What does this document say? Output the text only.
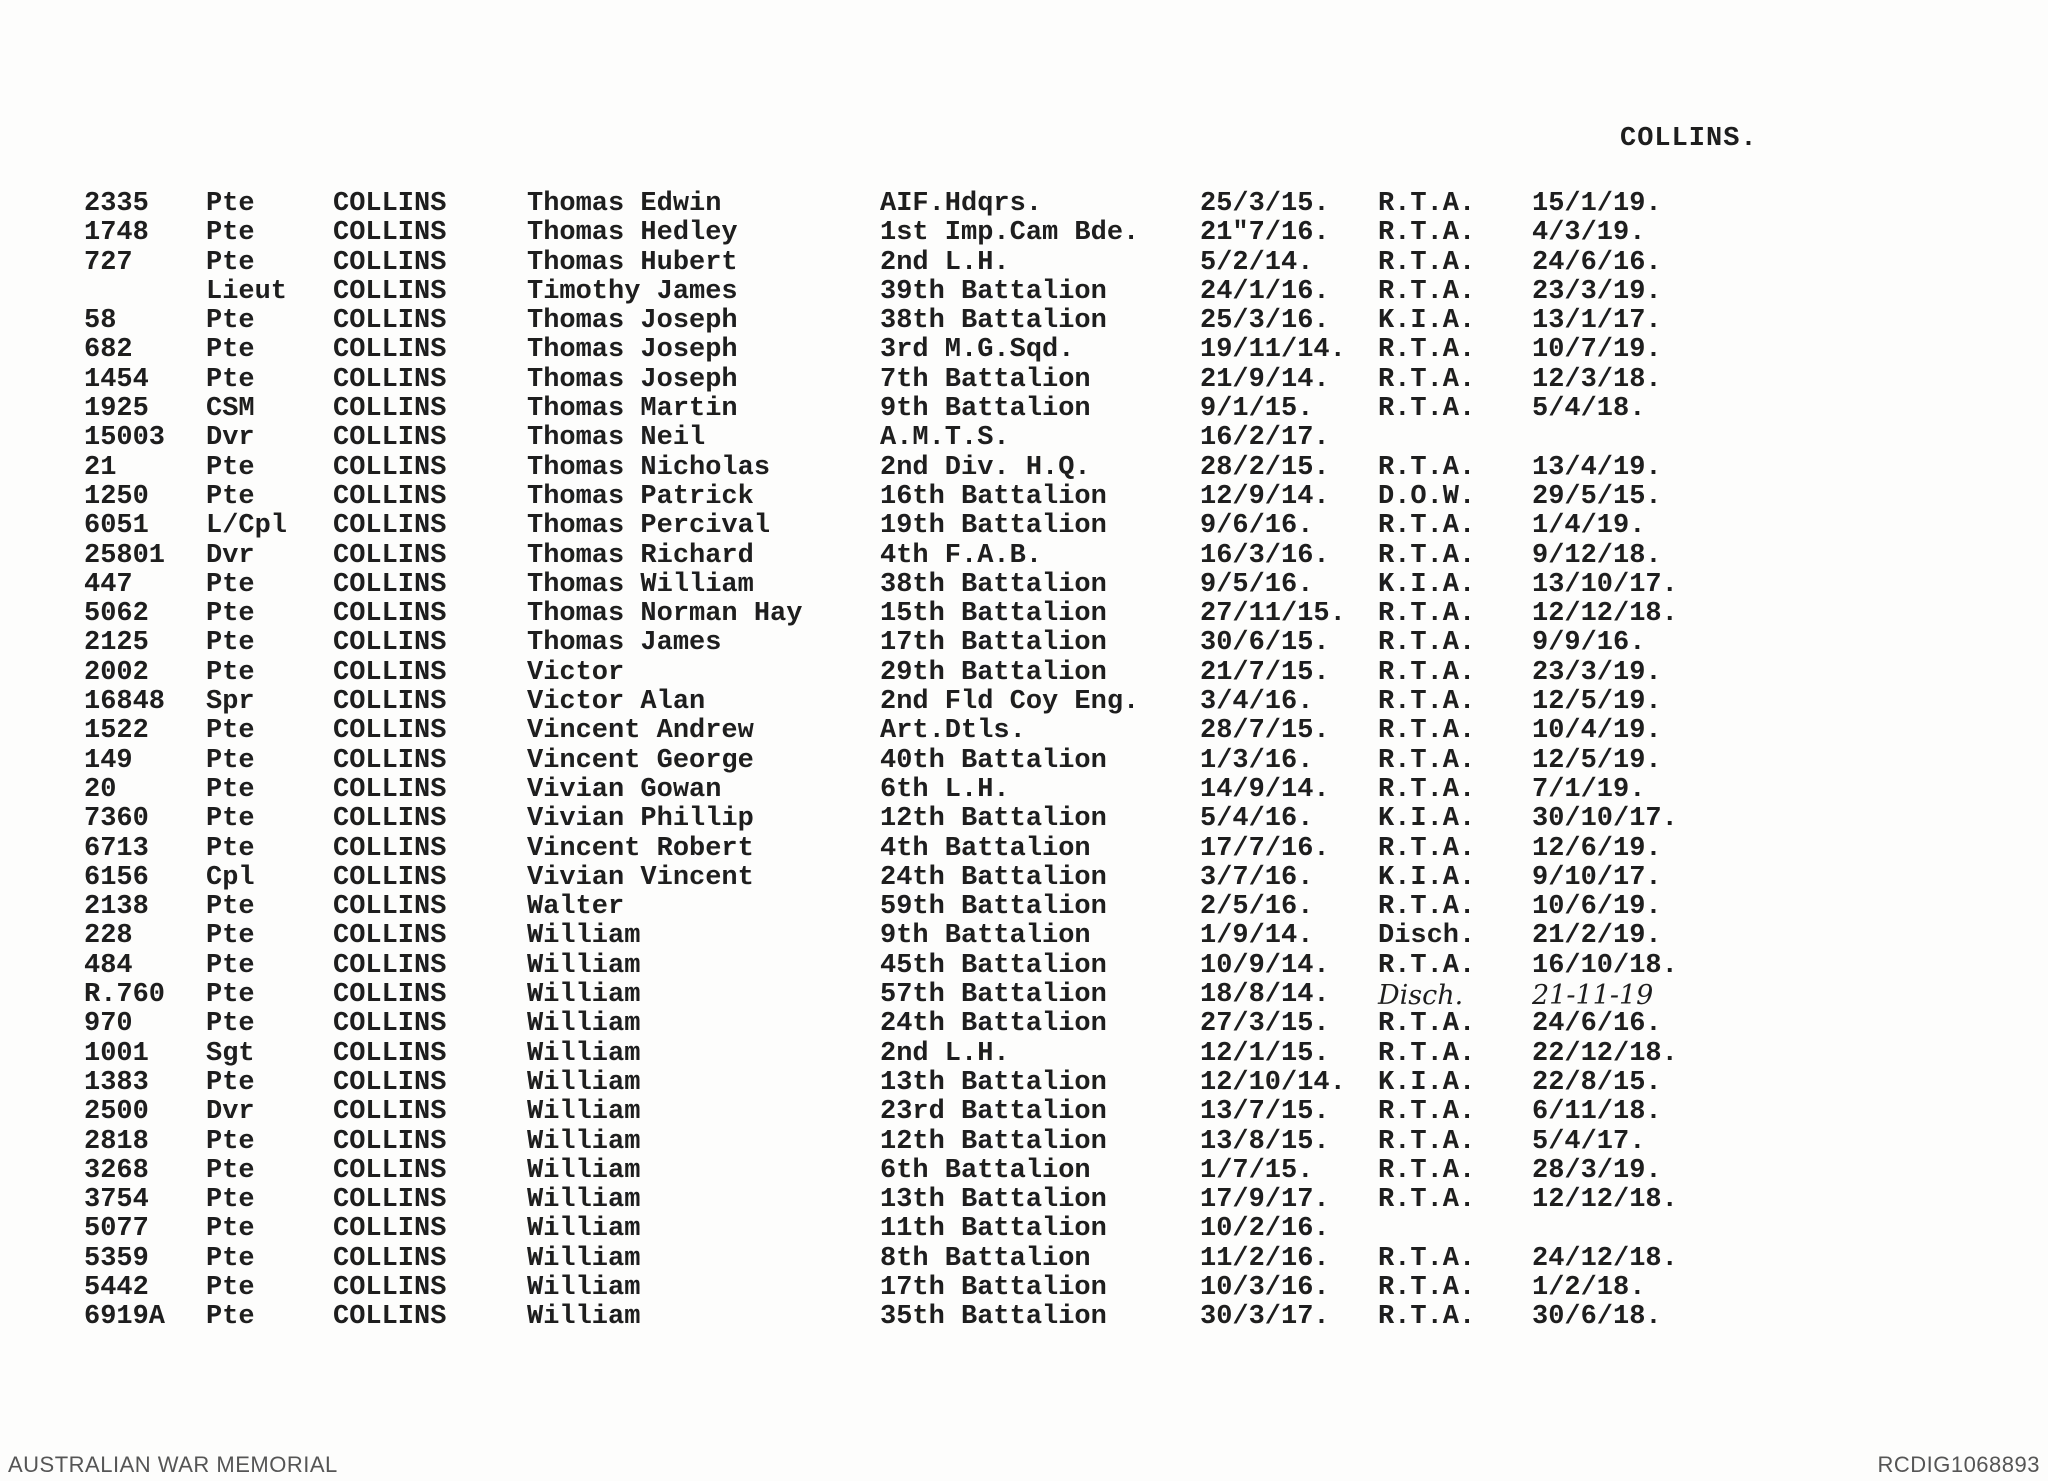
COLLINS.
2335 Pte	COLLINS	Thomas Edwin	AIF.Hdqrs.	25/3/15. R.T.A. 15/1/19.
1748 Pte	COLLINS	Thomas Hedley	1st Imp.Cam Bde. 21"7/16. R.T.A. 4/3/19.
727	Pte	COLLINS	Thomas Hubert	2nd L.H.	5/2/14. R.T.A. 24/6/16.
Lieut COLLINS	Timothy James	39th Battalion	24/1/16. R.T.A. 23/3/19.
58	Pte	COLLINS	Thomas Joseph	38th Battalion	25/3/16. K.I.A. 13/1/17.
682	Pte	COLLINS	Thomas Joseph	3rd M.G.Sqd.	19/11/14. R.T.A. 10/7/19.
1454 Pte	COLLINS	Thomas Joseph	7th Battalion	21/9/14. R.T.A. 12/3/18.
1925 CSM	COLLINS	Thomas Martin	9th Battalion	9/1/15. R.T.A. 5/4/18.
15003 Dvr	COLLINS	Thomas Neil	A.M.T.S.	16/2/17.
21	Pte	COLLINS	Thomas Nicholas	2nd Div. H.Q.	28/2/15. R.T.A. 13/4/19.
1250 Pte	COLLINS	Thomas Patrick	16th Battalion	12/9/14. D.O.W. 29/5/15.
6051 L/Cpl COLLINS	Thomas Percival	19th Battalion	9/6/16. R.T.A. 1/4/19.
25801 Dvr	COLLINS	Thomas Richard	4th F.A.B.	16/3/16. R.T.A. 9/12/18.
447	Pte	COLLINS	Thomas William	38th Battalion	9/5/16. K.I.A. 13/10/17.
5062 Pte	COLLINS	Thomas Norman Hay	15th Battalion	27/11/15. R.T.A. 12/12/18.
2125 Pte	COLLINS	Thomas James	17th Battalion	30/6/15. R.T.A. 9/9/16.
2002 Pte	COLLINS	Victor	29th Battalion	21/7/15. R.T.A. 23/3/19.
16848 Spr	COLLINS	Victor Alan	2nd Fld Coy Eng. 3/4/16. R.T.A. 12/5/19.
1522 Pte	COLLINS	Vincent Andrew	Art.Dtls.	28/7/15. R.T.A. 10/4/19.
149	Pte	COLLINS	Vincent George	40th Battalion	1/3/16. R.T.A. 12/5/19.
20	Pte	COLLINS	Vivian Gowan	6th L.H.	14/9/14. R.T.A. 7/1/19.
7360 Pte	COLLINS	Vivian Phillip	12th Battalion	5/4/16. K.I.A. 30/10/17.
6713 Pte	COLLINS	Vincent Robert	4th Battalion	17/7/16. R.T.A. 12/6/19.
6156 Cpl	COLLINS	Vivian Vincent	24th Battalion	3/7/16. K.I.A. 9/10/17.
2138 Pte	COLLINS	Walter	59th Battalion	2/5/16. R.T.A. 10/6/19.
228	Pte	COLLINS	William	9th Battalion	1/9/14. Disch. 21/2/19.
484	Pte	COLLINS	William	45th Battalion	10/9/14. R.T.A. 16/10/18.
R.760 Pte	COLLINS	William	57th Battalion	18/8/14. Disch.	21-11-19
970	Pte	COLLINS	William	24th Battalion	27/3/15. R.T.A. 24/6/16.
1001 Sgt	COLLINS	William	2nd L.H.	12/1/15. R.T.A. 22/12/18.
1383 Pte	COLLINS	William	13th Battalion	12/10/14. K.I.A. 22/8/15.
2500 Dvr	COLLINS	William	23rd Battalion	13/7/15. R.T.A. 6/11/18.
2818 Pte	COLLINS	William	12th Battalion	13/8/15. R.T.A. 5/4/17.
3268 Pte	COLLINS	William	6th Battalion	1/7/15. R.T.A. 28/3/19.
3754 Pte	COLLINS	William	13th Battalion	17/9/17. R.T.A. 12/12/18.
5077 Pte	COLLINS	William	11th Battalion	10/2/16.
5359 Pte	COLLINS	William	8th Battalion	11/2/16. R.T.A. 24/12/18.
5442 Pte	COLLINS	William	17th Battalion	10/3/16. R.T.A. 1/2/18.
6919A Pte	COLLINS	William	35th Battalion	30/3/17. R.T.A. 30/6/18.
AUSTRALIAN WAR MEMORIAL	RCDIG1068893
